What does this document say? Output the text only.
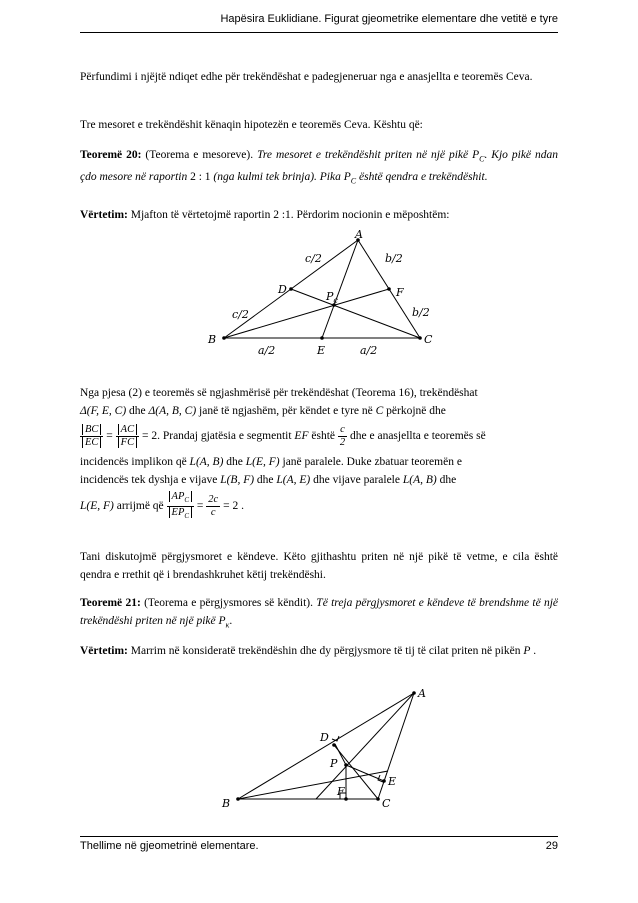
Hapësira Euklidiane. Figurat gjeometrike elementare dhe vetitë e tyre
Përfundimi i njëjtë ndiqet edhe për trekëndëshat e padegjeneruar nga e anasjellta e teoremës Ceva.
Tre mesoret e trekëndëshit kënaqin hipotezën e teoremës Ceva. Kështu që:
Teoremë 20: (Teorema e mesoreve). Tre mesoret e trekëndëshit priten në një pikë $P_C$. Kjo pikë ndan çdo mesore në raportin 2 : 1 (nga kulmi tek brinja). Pika $P_C$ është qendra e trekëndëshit.
Vërtetim: Mjafton të vërtetojmë raportin 2 :1. Përdorim nocionin e mëposhtëm:
A
B	C
D	F
E
$P_c$
c/2
c/2
b/2
b/2
a/2	a/2
Nga pjesa (2) e teoremës së ngjashmërisë për trekëndëshat (Teorema 16), trekëndëshat
Δ(F, E, C) dhe Δ(A, B, C) janë të ngjashëm, për këndet e tyre në C përkojnë dhe
$\frac{BC}{EC} = \frac{AC}{FC} = 2$. Prandaj gjatësia e segmentit EF është $\frac{c}{2}$ dhe e anasjellta e teoremës së
incidencës implikon që L(A, B) dhe L(E, F) janë paralele. Duke zbatuar teoremën e
incidencës tek dyshja e vijave L(B, F) dhe L(A, E) dhe vijave paralele L(A, B) dhe
L(E, F) arrijmë që $\frac{AP_C}{EP_C} = \frac{2c}{c} = 2$ .
Tani diskutojmë përgjysmoret e këndeve. Këto gjithashtu priten në një pikë të vetme, e cila është qendra e rrethit që i brendashkruhet këtij trekëndëshi.
Teoremë 21: (Teorema e përgjysmores së këndit). Të treja përgjysmoret e këndeve të brendshme të një trekëndëshi priten në një pikë $P_\kappa$.
Vërtetim: Marrim në konsideratë trekëndëshin dhe dy përgjysmore të tij të cilat priten në pikën P .
A
B	C
D
E
F
P
Thellime në gjeometrinë elementare.	29
